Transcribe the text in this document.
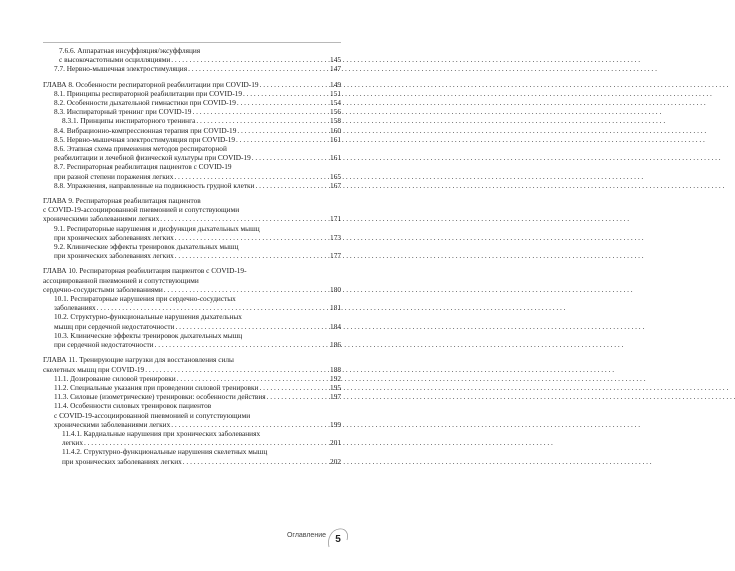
7.6.6. Аппаратная инсуффляция/эксуффляция
с высокочастотными осцилляциями . . .	145
7.7. Нервно-мышечная электростимуляция . . .	147
ГЛАВА 8. Особенности респираторной реабилитации при COVID-19 . . .	149
8.1. Принципы респираторной реабилитации при COVID-19 . . .	151
8.2. Особенности дыхательной гимнастики при COVID-19 . . .	154
8.3. Инспираторный тренинг при COVID-19 . . .	156
8.3.1. Принципы инспираторного тренинга . . .	158
8.4. Вибрационно-компрессионная терапия при COVID-19 . . .	160
8.5. Нервно-мышечная электростимуляция при COVID-19 . . .	161
8.6. Этапная схема применения методов респираторной
реабилитации и лечебной физической культуры при COVID-19 . . .	161
8.7. Респираторная реабилитация пациентов с COVID-19
при разной степени поражения легких . . .	165
8.8. Упражнения, направленные на подвижность грудной клетки . . .	167
ГЛАВА 9. Респираторная реабилитация пациентов
с COVID-19-ассоциированной пневмонией и сопутствующими
хроническими заболеваниями легких . . .	171
9.1. Респираторные нарушения и дисфункция дыхательных мышц
при хронических заболеваниях легких . . .	173
9.2. Клинические эффекты тренировок дыхательных мышц
при хронических заболеваниях легких . . .	177
ГЛАВА 10. Респираторная реабилитация пациентов с COVID-19-
ассоциированной пневмонией и сопутствующими
сердечно-сосудистыми заболеваниями . . .	180
10.1. Респираторные нарушения при сердечно-сосудистых
заболеваниях . . .	181
10.2. Структурно-функциональные нарушения дыхательных
мышц при сердечной недостаточности . . .	184
10.3. Клинические эффекты тренировок дыхательных мышц
при сердечной недостаточности . . .	186
ГЛАВА 11. Тренирующие нагрузки для восстановления силы
скелетных мышц при COVID-19 . . .	188
11.1. Дозирование силовой тренировки . . .	192
11.2. Специальные указания при проведении силовой тренировки . . .	195
11.3. Силовые (изометрические) тренировки: особенности действия . . .	197
11.4. Особенности силовых тренировок пациентов
с COVID-19-ассоциированной пневмонией и сопутствующими
хроническими заболеваниями легких . . .	199
11.4.1. Кардиальные нарушения при хронических заболеваниях
легких . . .	201
11.4.2. Структурно-функциональные нарушения скелетных мышц
при хронических заболеваниях легких . . .	202
Оглавление 5
